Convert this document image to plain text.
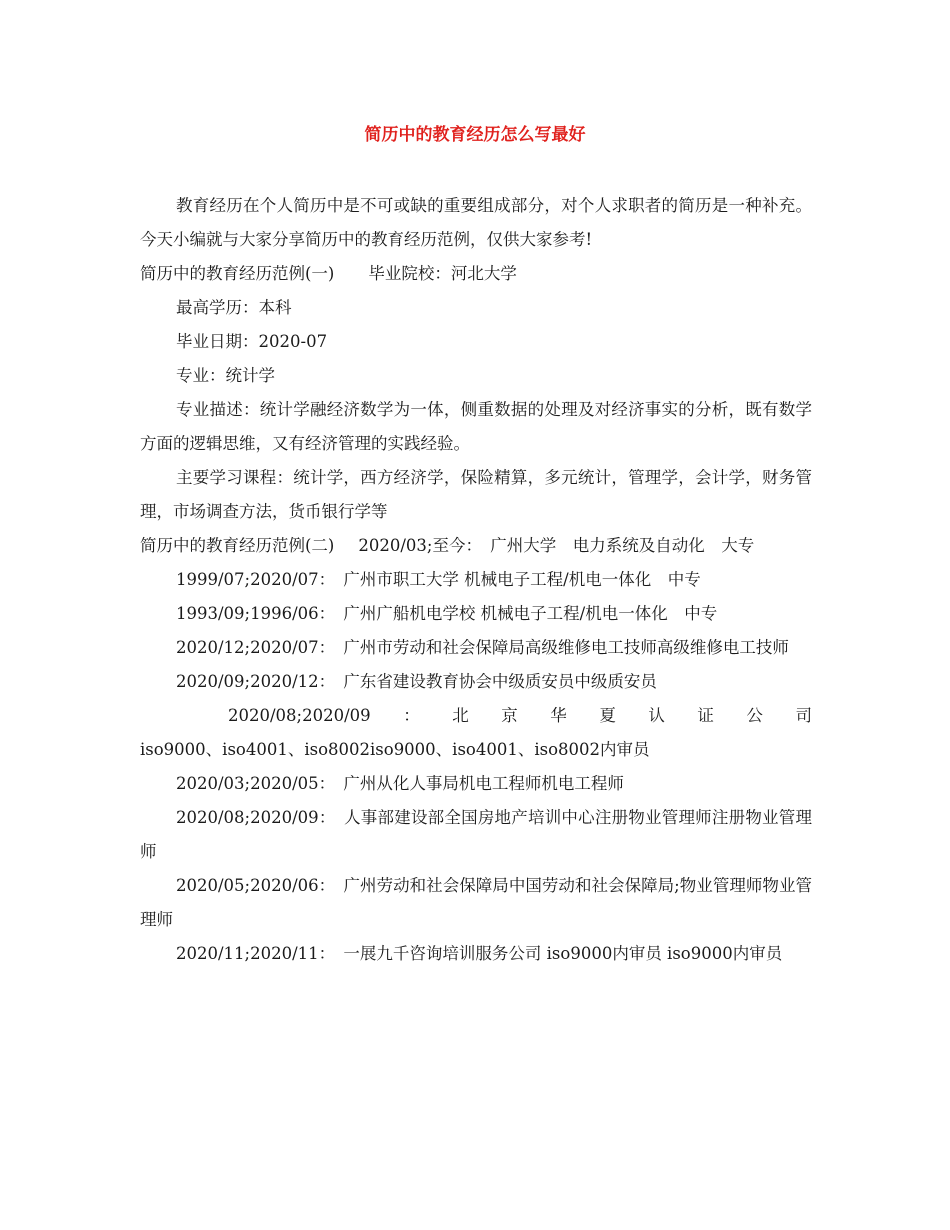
简历中的教育经历怎么写最好

教育经历在个人简历中是不可或缺的重要组成部分，对个人求职者的简历是一种补充。今天小编就与大家分享简历中的教育经历范例，仅供大家参考!

简历中的教育经历范例(一) 毕业院校：河北大学

最高学历：本科

毕业日期：2020-07

专业：统计学

专业描述：统计学融经济数学为一体，侧重数据的处理及对经济事实的分析，既有数学方面的逻辑思维，又有经济管理的实践经验。

主要学习课程：统计学，西方经济学，保险精算，多元统计，管理学，会计学，财务管理，市场调查方法，货币银行学等

简历中的教育经历范例(二) 2020/03;至今：　广州大学　电力系统及自动化　大专

1999/07;2020/07：　广州市职工大学 机械电子工程/机电一体化　中专

1993/09;1996/06：　广州广船机电学校 机械电子工程/机电一体化　中专

2020/12;2020/07：　广州市劳动和社会保障局高级维修电工技师高级维修电工技师

2020/09;2020/12：　广东省建设教育协会中级质安员中级质安员

2020/08;2020/09 ： 北 京 华 夏 认 证 公 司

iso9000、iso4001、iso8002iso9000、iso4001、iso8002内审员

2020/03;2020/05：　广州从化人事局机电工程师机电工程师

2020/08;2020/09：　人事部建设部全国房地产培训中心注册物业管理师注册物业管理师

2020/05;2020/06：　广州劳动和社会保障局中国劳动和社会保障局;物业管理师物业管理师

2020/11;2020/11：　一展九千咨询培训服务公司 iso9000内审员 iso9000内审员
